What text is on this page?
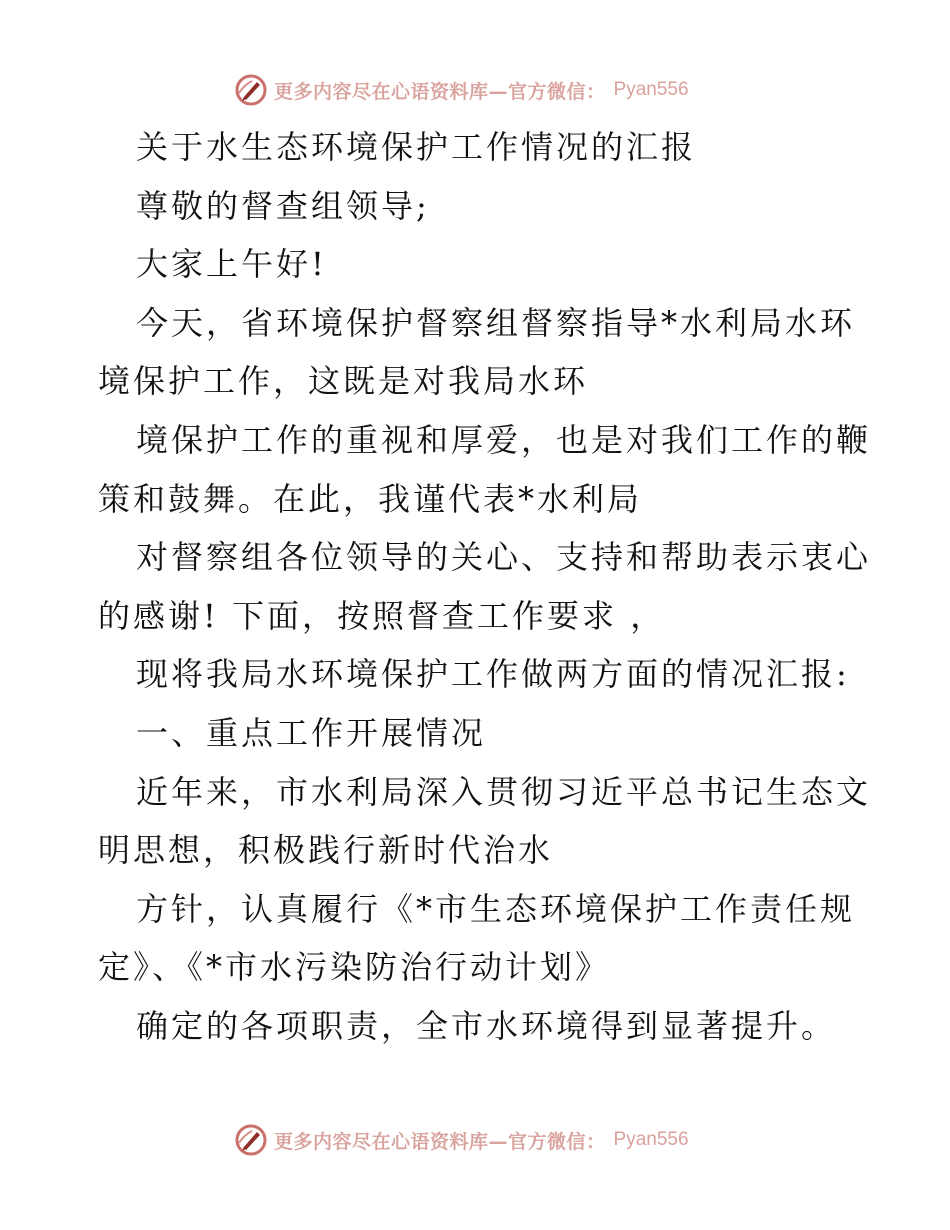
更多内容尽在心语资料库—官方微信： Pyan556
关于水生态环境保护工作情况的汇报
尊敬的督查组领导;
大家上午好!
今天，省环境保护督察组督察指导*水利局水环
境保护工作，这既是对我局水环
境保护工作的重视和厚爱，也是对我们工作的鞭
策和鼓舞。在此，我谨代表*水利局
对督察组各位领导的关心、支持和帮助表示衷心
的感谢! 下面，按照督查工作要求 ，
现将我局水环境保护工作做两方面的情况汇报:
一、重点工作开展情况
近年来，市水利局深入贯彻习近平总书记生态文
明思想，积极践行新时代治水
方针，认真履行《*市生态环境保护工作责任规
定》、《*市水污染防治行动计划》
确定的各项职责，全市水环境得到显著提升。
更多内容尽在心语资料库—官方微信： Pyan556
